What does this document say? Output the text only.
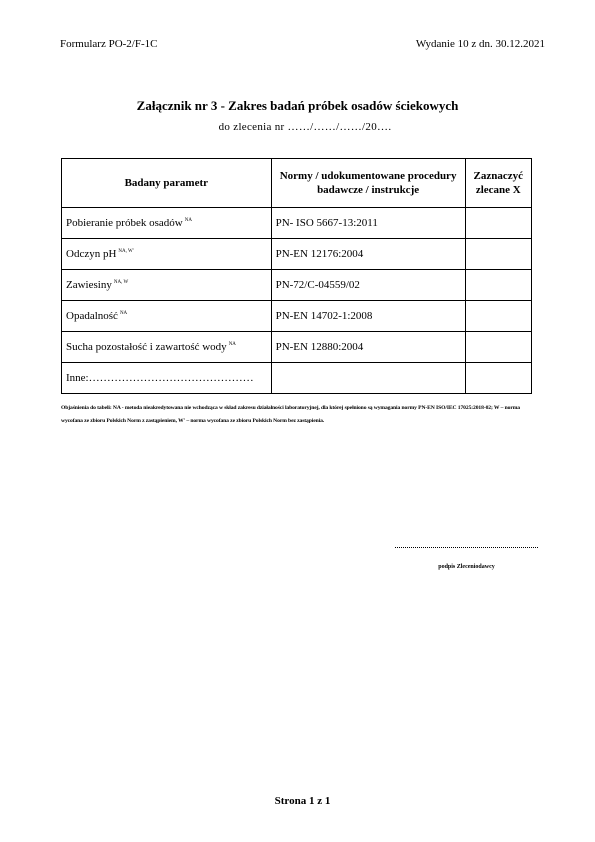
Formularz PO-2/F-1C	Wydanie 10 z dn. 30.12.2021
Załącznik nr 3 - Zakres badań próbek osadów ściekowych
do zlecenia nr ……/……/……/20….
Badany parametr	Normy / udokumentowane procedury badawcze / instrukcje	Zaznaczyć zlecane X
Pobieranie próbek osadów $^{NA}$	PN- ISO 5667-13:2011	
Odczyn pH $^{NA, W'}$	PN-EN 12176:2004	
Zawiesiny $^{NA, W}$	PN-72/C-04559/02	
Opadalność $^{NA}$	PN-EN 14702-1:2008	
Sucha pozostałość i zawartość wody $^{NA}$	PN-EN 12880:2004	
Inne:………………………………………		
Objaśnienia do tabeli: NA - metoda nieakredytowana nie wchodząca w skład zakresu działalności laboratoryjnej, dla której spełniono są wymagania normy PN-EN ISO/IEC 17025:2018-02; W – norma wycofana ze zbioru Polskich Norm z zastąpieniem, W' – norma wycofana ze zbioru Polskich Norm bez zastąpienia.
podpis Zleceniodawcy
Strona 1 z 1
